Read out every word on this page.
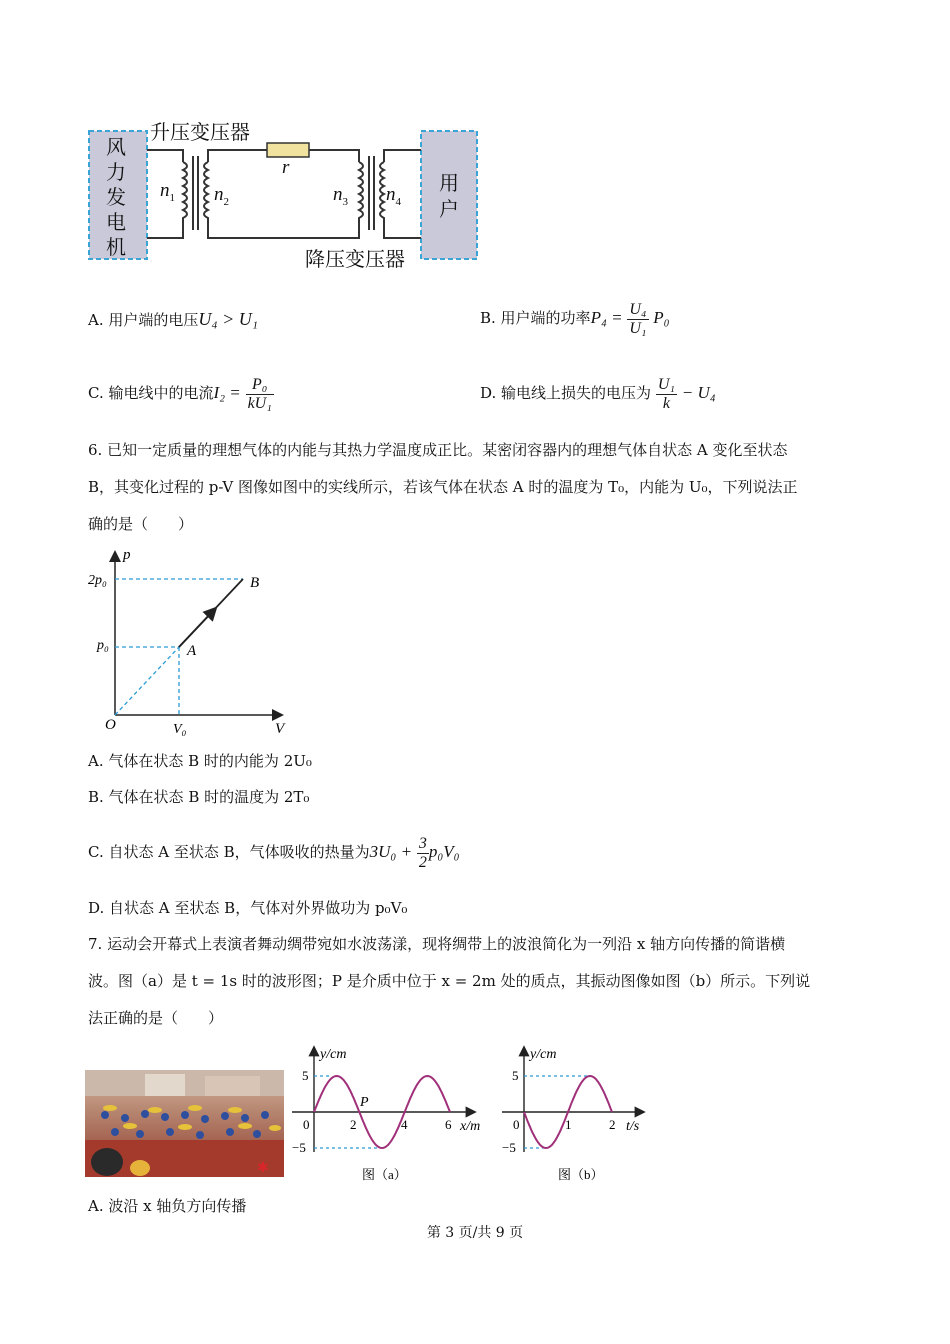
升压变压器
降压变压器
风力发电机
用户
r
$n_1$ $n_2$	$n_3$ $n_4$
A. 用户端的电压U₄ > U₁	B. 用户端的功率$P_4 = \frac{\text{U₄}}{\text{U₁}} P_0$
C. 输电线中的电流$I_2 = \frac{\text{P₀}}{\text{kU₁}}$	D. 输电线上损失的电压为 $\frac{\text{U₁}}{k} - U_4$
6. 已知一定质量的理想气体的内能与其热力学温度成正比。某密闭容器内的理想气体自状态 A 变化至状态
B，其变化过程的 p-V 图像如图中的实线所示，若该气体在状态 A 时的温度为 T₀，内能为 U₀，下列说法正
确的是（　　）
p
V
O
2p₀
p₀
V₀
A
B
A. 气体在状态 B 时的内能为 2U₀
B. 气体在状态 B 时的温度为 2T₀
C. 自状态 A 至状态 B，气体吸收的热量为$3U_0 + \frac{3}{2} p_0V_0$
D. 自状态 A 至状态 B，气体对外界做功为 p₀V₀
7. 运动会开幕式上表演者舞动绸带宛如水波荡漾，现将绸带上的波浪简化为一列沿 x 轴方向传播的简谐横
波。图（a）是 t = 1s 时的波形图；P 是介质中位于 x = 2m 处的质点，其振动图像如图（b）所示。下列说
法正确的是（　　）
✱
y/cm
x/m
5
−5
0	2	4	6
P
图（a）
y/cm
t/s
5
−5
0	1	2
图（b）
A. 波沿 x 轴负方向传播
第 3 页/共 9 页
